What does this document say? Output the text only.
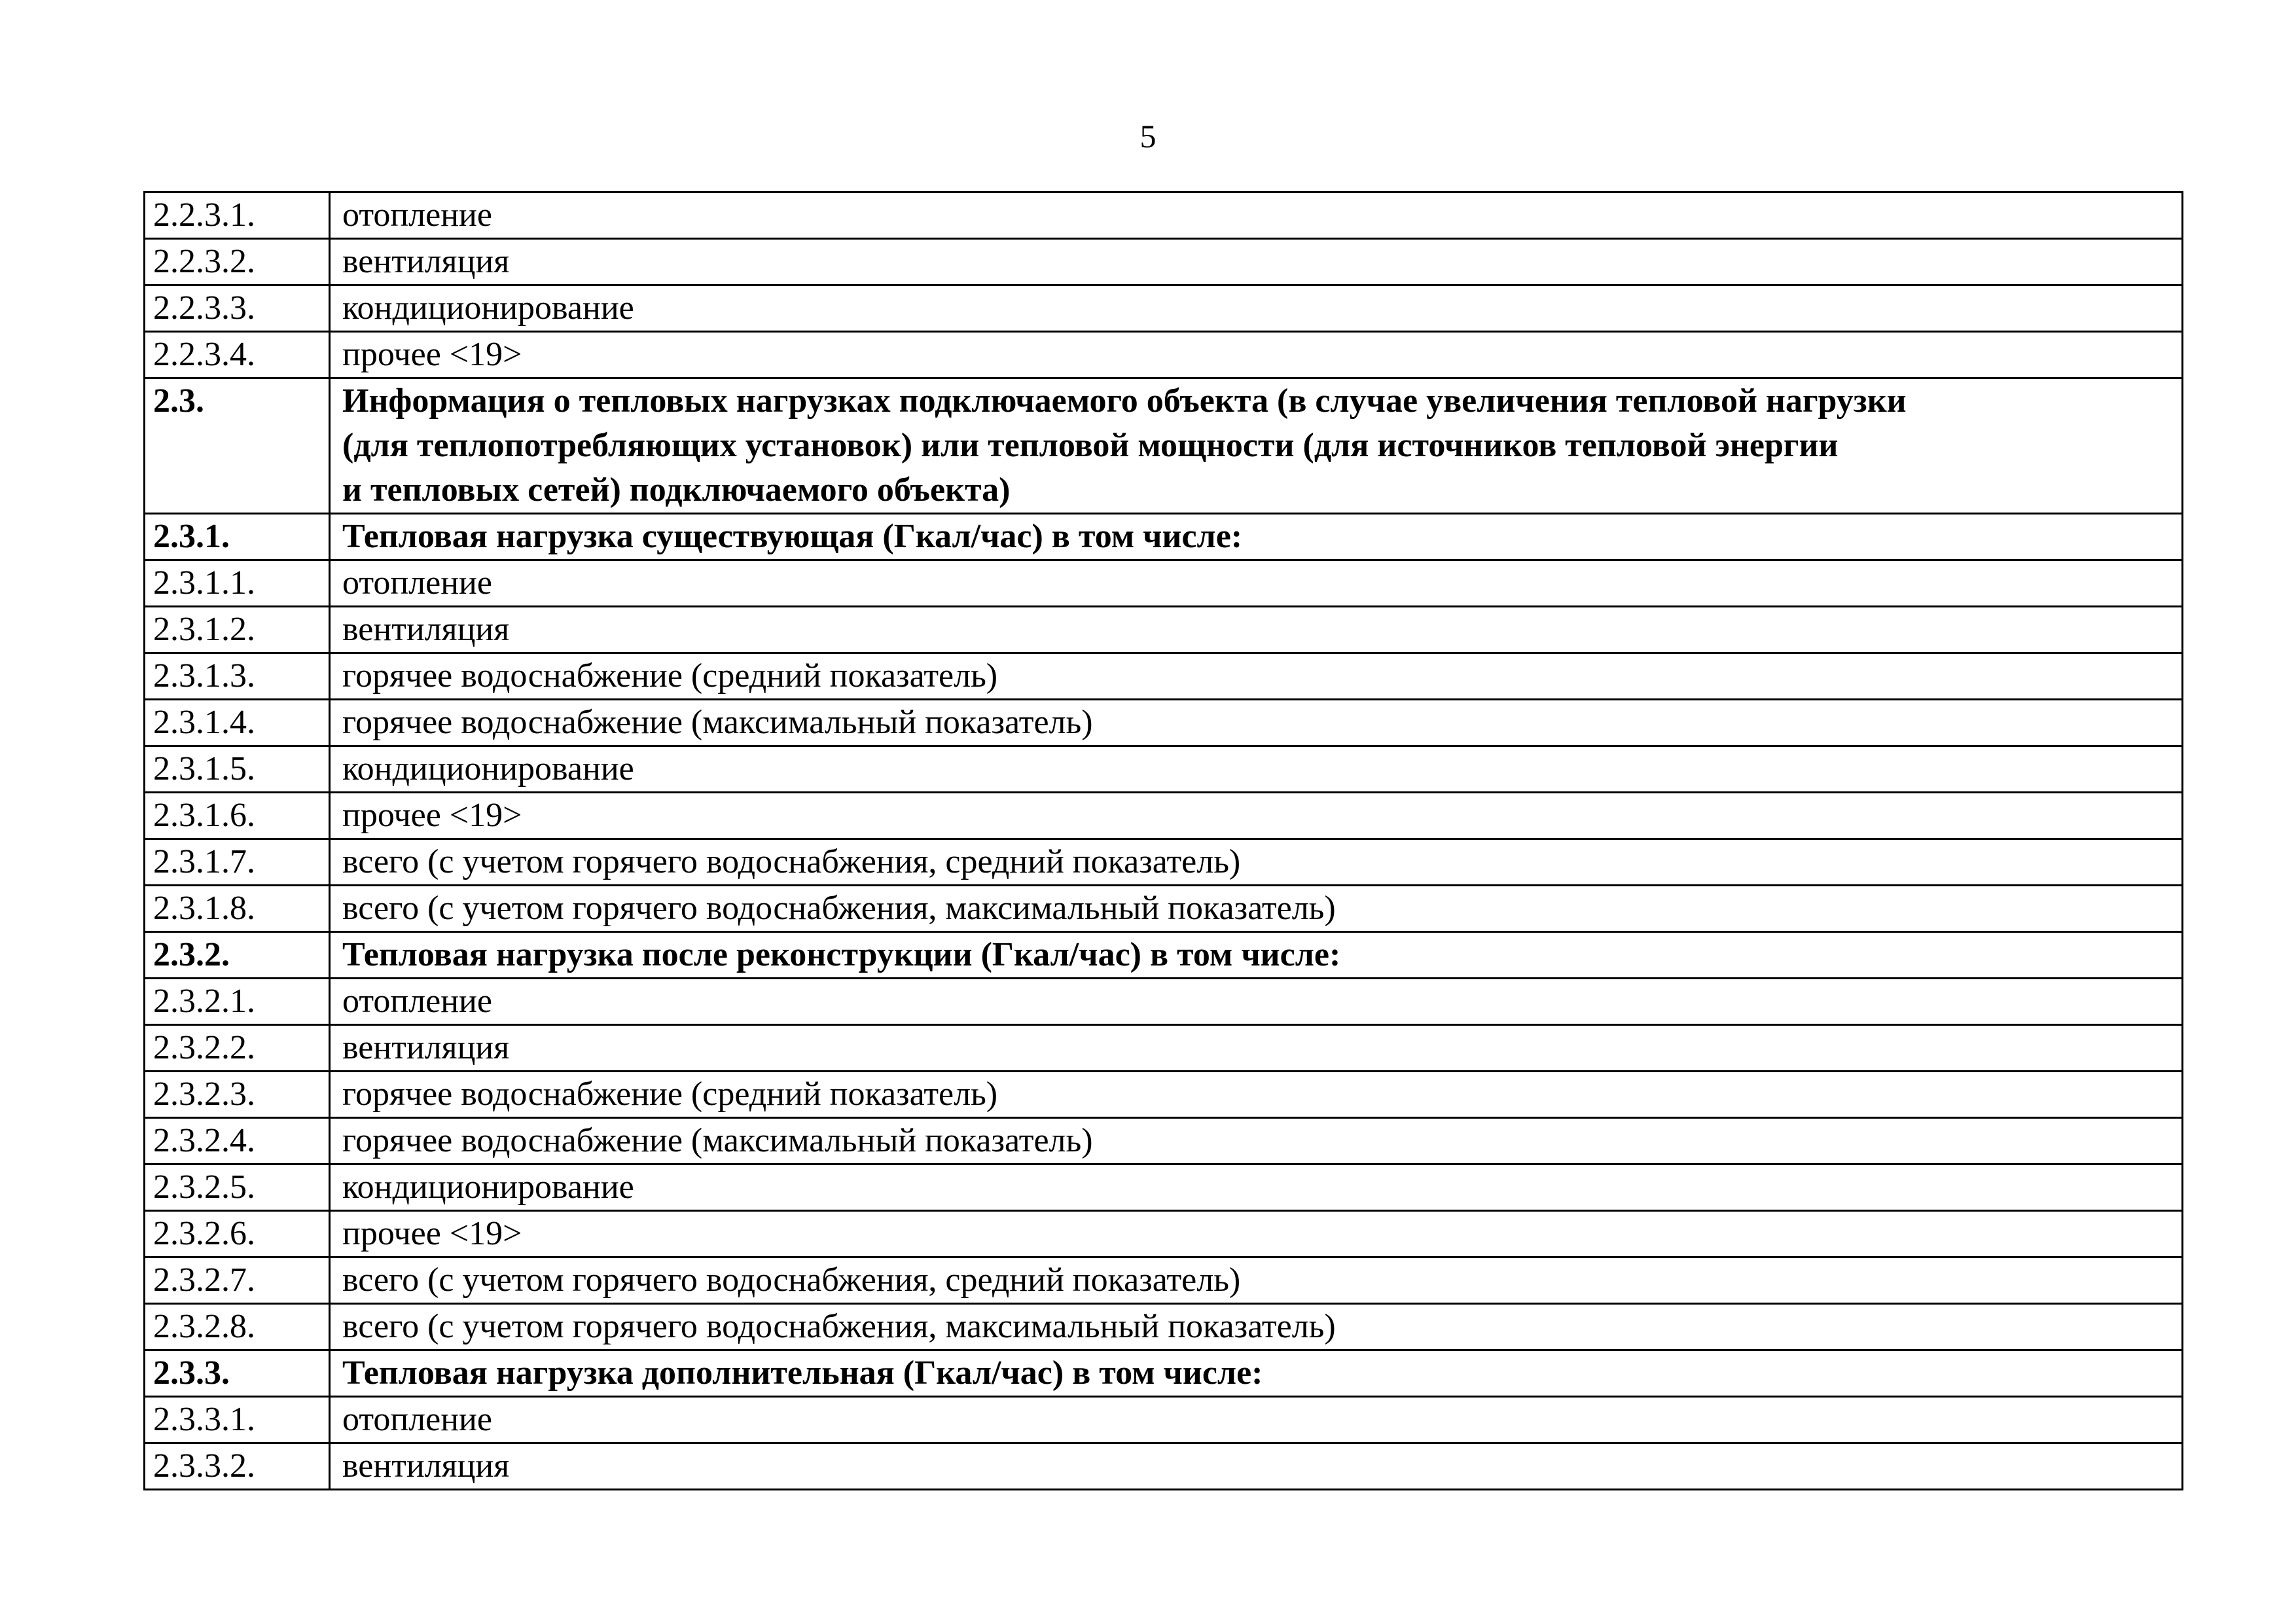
5
2.2.3.1.	отопление
2.2.3.2.	вентиляция
2.2.3.3.	кондиционирование
2.2.3.4.	прочее <19>
2.3.	Информация о тепловых нагрузках подключаемого объекта (в случае увеличения тепловой нагрузки
(для теплопотребляющих установок) или тепловой мощности (для источников тепловой энергии
и тепловых сетей) подключаемого объекта)

2.3.1.	Тепловая нагрузка существующая (Гкал/час) в том числе:
2.3.1.1.	отопление
2.3.1.2.	вентиляция
2.3.1.3.	горячее водоснабжение (средний показатель)
2.3.1.4.	горячее водоснабжение (максимальный показатель)
2.3.1.5.	кондиционирование
2.3.1.6.	прочее <19>
2.3.1.7.	всего (с учетом горячего водоснабжения, средний показатель)
2.3.1.8.	всего (с учетом горячего водоснабжения, максимальный показатель)
2.3.2.	Тепловая нагрузка после реконструкции (Гкал/час) в том числе:
2.3.2.1.	отопление
2.3.2.2.	вентиляция
2.3.2.3.	горячее водоснабжение (средний показатель)
2.3.2.4.	горячее водоснабжение (максимальный показатель)
2.3.2.5.	кондиционирование
2.3.2.6.	прочее <19>
2.3.2.7.	всего (с учетом горячего водоснабжения, средний показатель)
2.3.2.8.	всего (с учетом горячего водоснабжения, максимальный показатель)
2.3.3.	Тепловая нагрузка дополнительная (Гкал/час) в том числе:
2.3.3.1.	отопление
2.3.3.2.	вентиляция
